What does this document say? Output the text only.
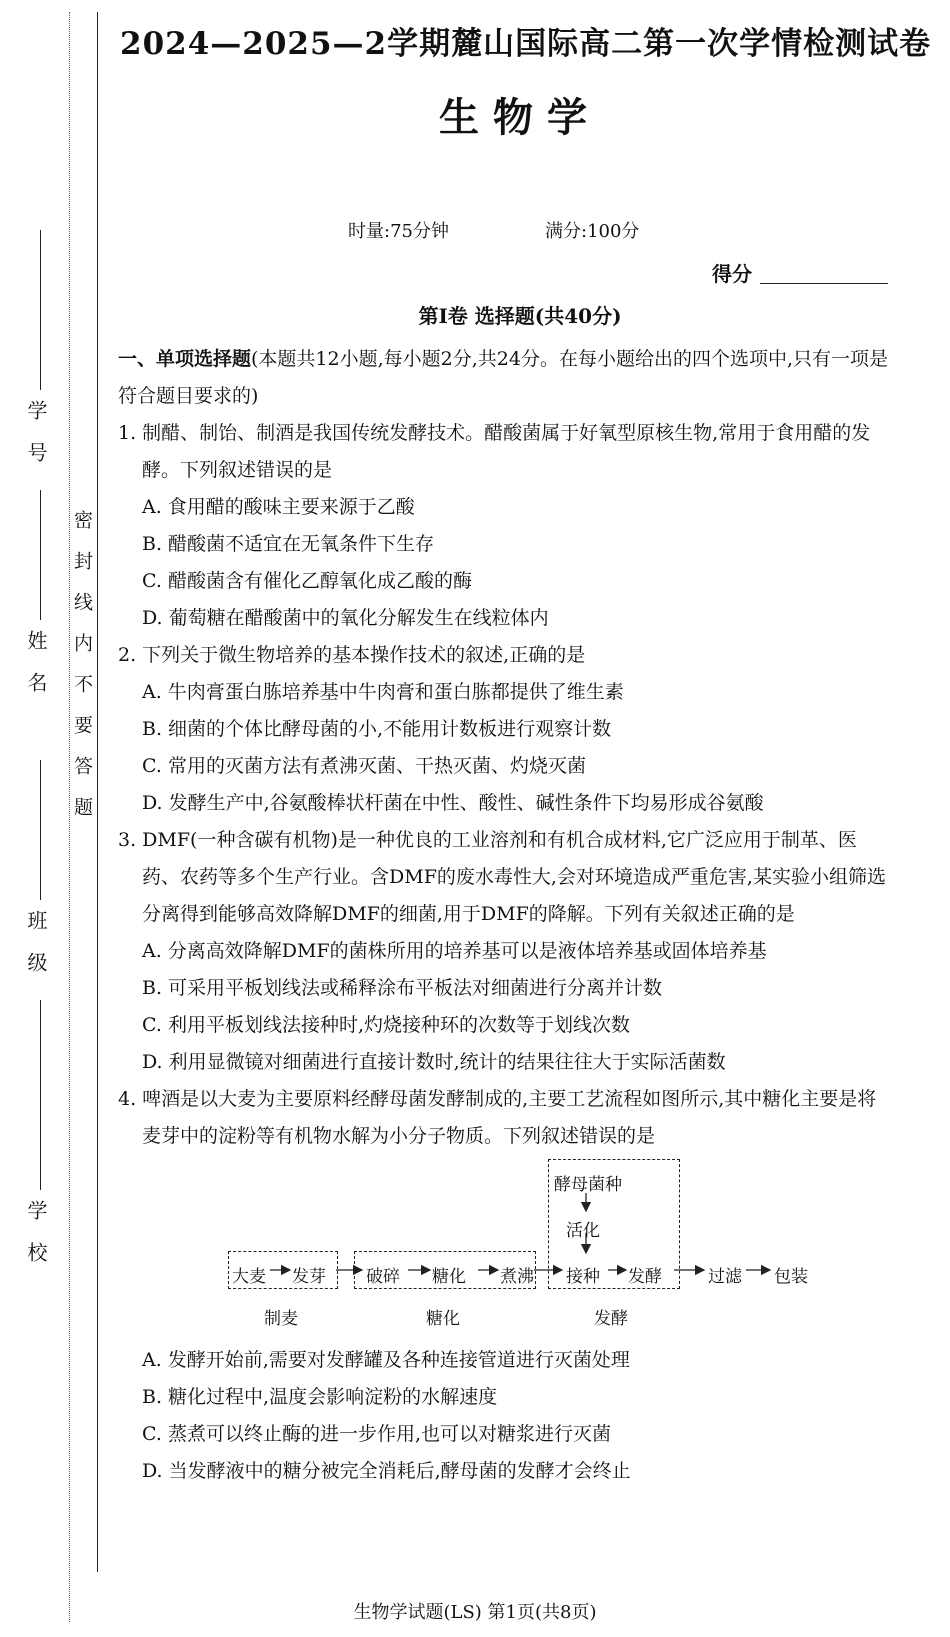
学号
姓名
班级
学校
密封线内不要答题
2024—2025—2学期麓山国际高二第一次学情检测试卷
生物学
时量:75分钟	满分:100分
得分
第Ⅰ卷 选择题(共40分)

一、单项选择题(本题共12小题,每小题2分,共24分。在每小题给出的四个选项中,只有一项是符合题目要求的)

1. 制醋、制饴、制酒是我国传统发酵技术。醋酸菌属于好氧型原核生物,常用于食用醋的发酵。下列叙述错误的是

A. 食用醋的酸味主要来源于乙酸

B. 醋酸菌不适宜在无氧条件下生存

C. 醋酸菌含有催化乙醇氧化成乙酸的酶

D. 葡萄糖在醋酸菌中的氧化分解发生在线粒体内

2. 下列关于微生物培养的基本操作技术的叙述,正确的是

A. 牛肉膏蛋白胨培养基中牛肉膏和蛋白胨都提供了维生素

B. 细菌的个体比酵母菌的小,不能用计数板进行观察计数

C. 常用的灭菌方法有煮沸灭菌、干热灭菌、灼烧灭菌

D. 发酵生产中,谷氨酸棒状杆菌在中性、酸性、碱性条件下均易形成谷氨酸

3. DMF(一种含碳有机物)是一种优良的工业溶剂和有机合成材料,它广泛应用于制革、医药、农药等多个生产行业。含DMF的废水毒性大,会对环境造成严重危害,某实验小组筛选分离得到能够高效降解DMF的细菌,用于DMF的降解。下列有关叙述正确的是

A. 分离高效降解DMF的菌株所用的培养基可以是液体培养基或固体培养基

B. 可采用平板划线法或稀释涂布平板法对细菌进行分离并计数

C. 利用平板划线法接种时,灼烧接种环的次数等于划线次数

D. 利用显微镜对细菌进行直接计数时,统计的结果往往大于实际活菌数

4. 啤酒是以大麦为主要原料经酵母菌发酵制成的,主要工艺流程如图所示,其中糖化主要是将麦芽中的淀粉等有机物水解为小分子物质。下列叙述错误的是

大麦 发芽 破碎 糖化 煮沸
酵母菌种
活化
接种 发酵	过滤 包装
制麦	糖化	发酵

A. 发酵开始前,需要对发酵罐及各种连接管道进行灭菌处理

B. 糖化过程中,温度会影响淀粉的水解速度

C. 蒸煮可以终止酶的进一步作用,也可以对糖浆进行灭菌

D. 当发酵液中的糖分被完全消耗后,酵母菌的发酵才会终止

生物学试题(LS) 第1页(共8页)
